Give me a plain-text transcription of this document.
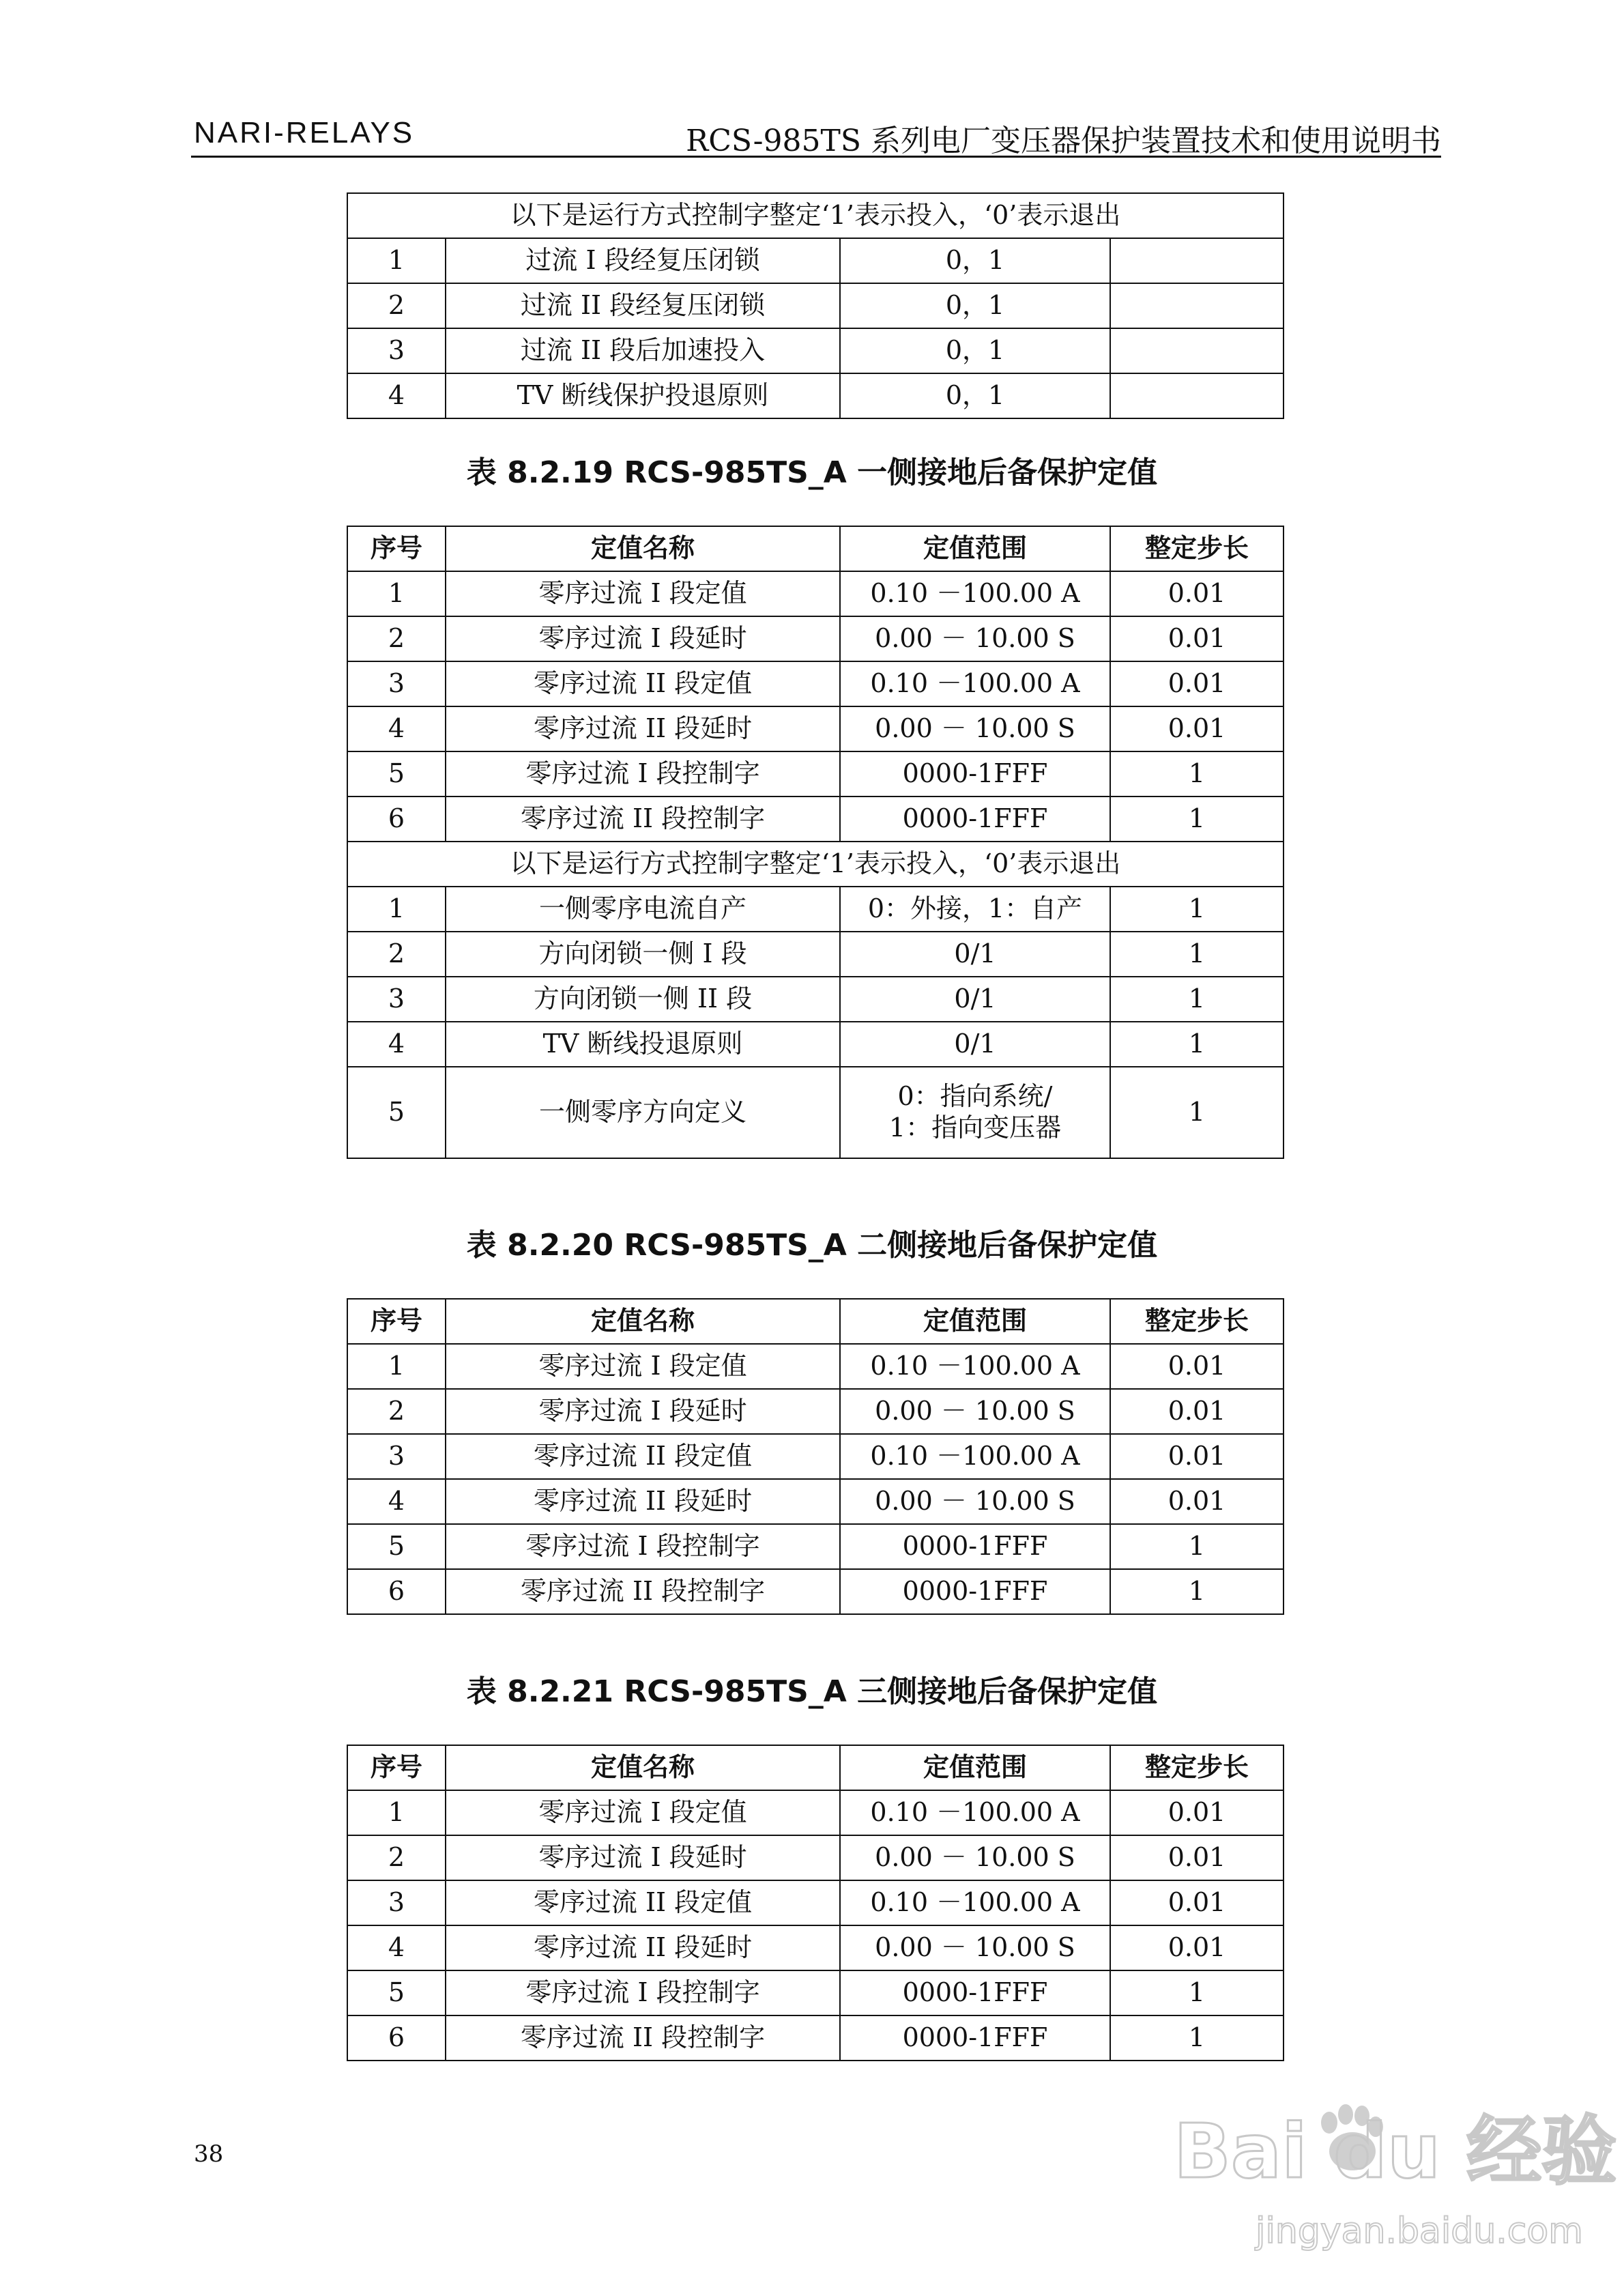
NARI-RELAYS	RCS-985TS 系列电厂变压器保护装置技术和使用说明书
以下是运行方式控制字整定‘1’表示投入，‘0’表示退出			
1	过流 I 段经复压闭锁	0，1	
2	过流 II 段经复压闭锁	0，1	
3	过流 II 段后加速投入	0，1	
4	TV 断线保护投退原则	0，1	
表 8.2.19 RCS-985TS_A 一侧接地后备保护定值
序号	定值名称	定值范围	整定步长
1	零序过流 I 段定值	0.10 －100.00 A	0.01
2	零序过流 I 段延时	0.00 － 10.00 S	0.01
3	零序过流 II 段定值	0.10 －100.00 A	0.01
4	零序过流 II 段延时	0.00 － 10.00 S	0.01
5	零序过流 I 段控制字	0000-1FFF	1
6	零序过流 II 段控制字	0000-1FFF	1
以下是运行方式控制字整定‘1’表示投入，‘0’表示退出			
1	一侧零序电流自产	0：外接，1：自产	1
2	方向闭锁一侧 I 段	0/1	1
3	方向闭锁一侧 II 段	0/1	1
4	TV 断线投退原则	0/1	1
5	一侧零序方向定义	0：指向系统/
1：指向变压器	1
表 8.2.20 RCS-985TS_A 二侧接地后备保护定值
序号	定值名称	定值范围	整定步长
1	零序过流 I 段定值	0.10 －100.00 A	0.01
2	零序过流 I 段延时	0.00 － 10.00 S	0.01
3	零序过流 II 段定值	0.10 －100.00 A	0.01
4	零序过流 II 段延时	0.00 － 10.00 S	0.01
5	零序过流 I 段控制字	0000-1FFF	1
6	零序过流 II 段控制字	0000-1FFF	1
表 8.2.21 RCS-985TS_A 三侧接地后备保护定值
序号	定值名称	定值范围	整定步长
1	零序过流 I 段定值	0.10 －100.00 A	0.01
2	零序过流 I 段延时	0.00 － 10.00 S	0.01
3	零序过流 II 段定值	0.10 －100.00 A	0.01
4	零序过流 II 段延时	0.00 － 10.00 S	0.01
5	零序过流 I 段控制字	0000-1FFF	1
6	零序过流 II 段控制字	0000-1FFF	1
38	Bai du 经验
jingyan.baidu.com
